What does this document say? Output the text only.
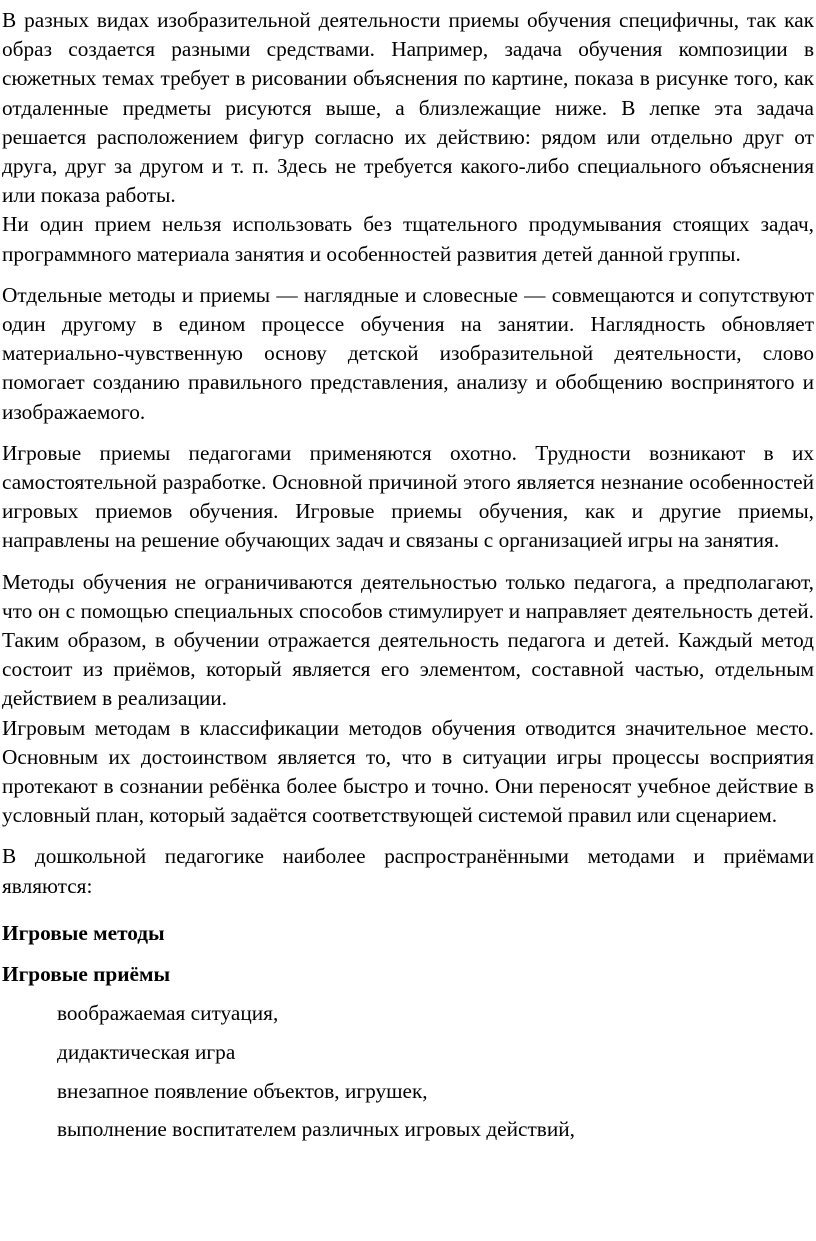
В разных видах изобразительной деятельности приемы обучения специфичны, так как образ создается разными средствами. Например, задача обучения композиции в сюжетных темах требует в рисовании объяснения по картине, показа в рисунке того, как отдаленные предметы рисуются выше, а близлежащие ниже. В лепке эта задача решается расположением фигур согласно их действию: рядом или отдельно друг от друга, друг за другом и т. п. Здесь не требуется какого-либо специального объяснения или показа работы.

Ни один прием нельзя использовать без тщательного продумывания стоящих задач, программного материала занятия и особенностей развития детей данной группы.

Отдельные методы и приемы — наглядные и словесные — совмещаются и сопутствуют один другому в едином процессе обучения на занятии. Наглядность обновляет материально-чувственную основу детской изобразительной деятельности, слово помогает созданию правильного представления, анализу и обобщению воспринятого и изображаемого.

Игровые приемы педагогами применяются охотно. Трудности возникают в их самостоятельной разработке. Основной причиной этого является незнание особенностей игровых приемов обучения. Игровые приемы обучения, как и другие приемы, направлены на решение обучающих задач и связаны с организацией игры на занятия.

Методы обучения не ограничиваются деятельностью только педагога, а предполагают, что он с помощью специальных способов стимулирует и направляет деятельность детей. Таким образом, в обучении отражается деятельность педагога и детей. Каждый метод состоит из приёмов, который является его элементом, составной частью, отдельным действием в реализации.

Игровым методам в классификации методов обучения отводится значительное место. Основным их достоинством является то, что в ситуации игры процессы восприятия протекают в сознании ребёнка более быстро и точно. Они переносят учебное действие в условный план, который задаётся соответствующей системой правил или сценарием.

В дошкольной педагогике наиболее распространёнными методами и приёмами являются:

Игровые методы

Игровые приёмы

воображаемая ситуация,
дидактическая игра
внезапное появление объектов, игрушек,
выполнение воспитателем различных игровых действий,
